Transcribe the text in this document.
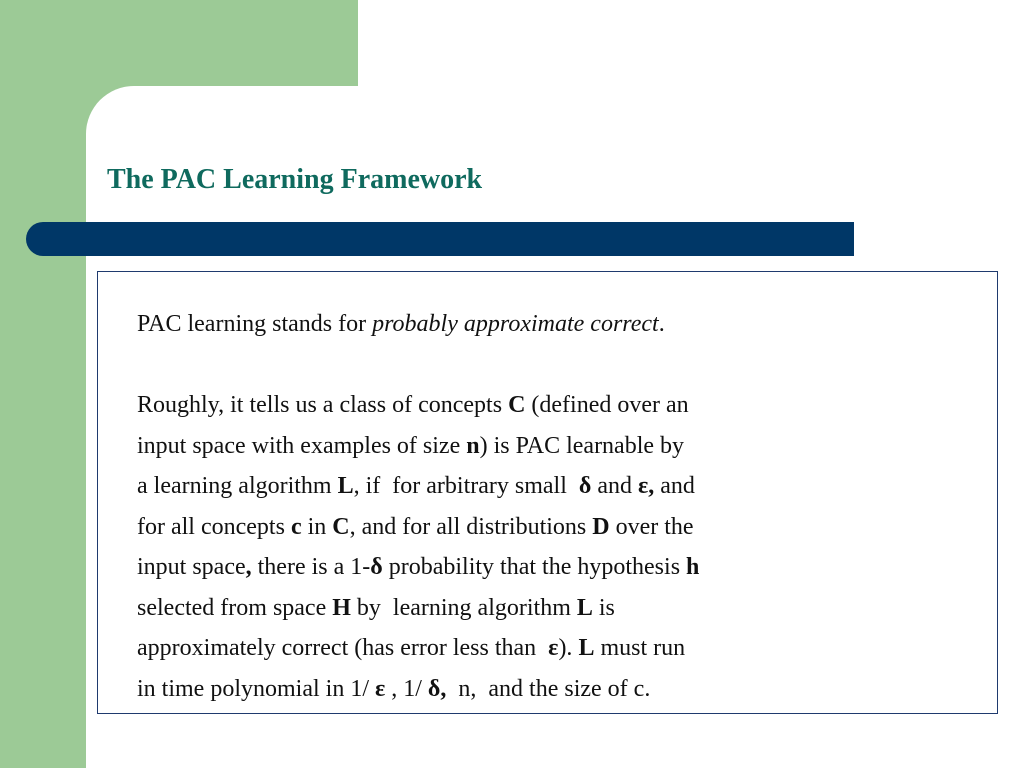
The PAC Learning Framework

PAC learning stands for probably approximate correct.

Roughly, it tells us a class of concepts C (defined over an
input space with examples of size n) is PAC learnable by
a learning algorithm L, if  for arbitrary small  δ and ε, and
for all concepts c in C, and for all distributions D over the
input space, there is a 1-δ probability that the hypothesis h
selected from space H by  learning algorithm L is
approximately correct (has error less than  ε). L must run
in time polynomial in 1/ ε , 1/ δ,  n,  and the size of c.
